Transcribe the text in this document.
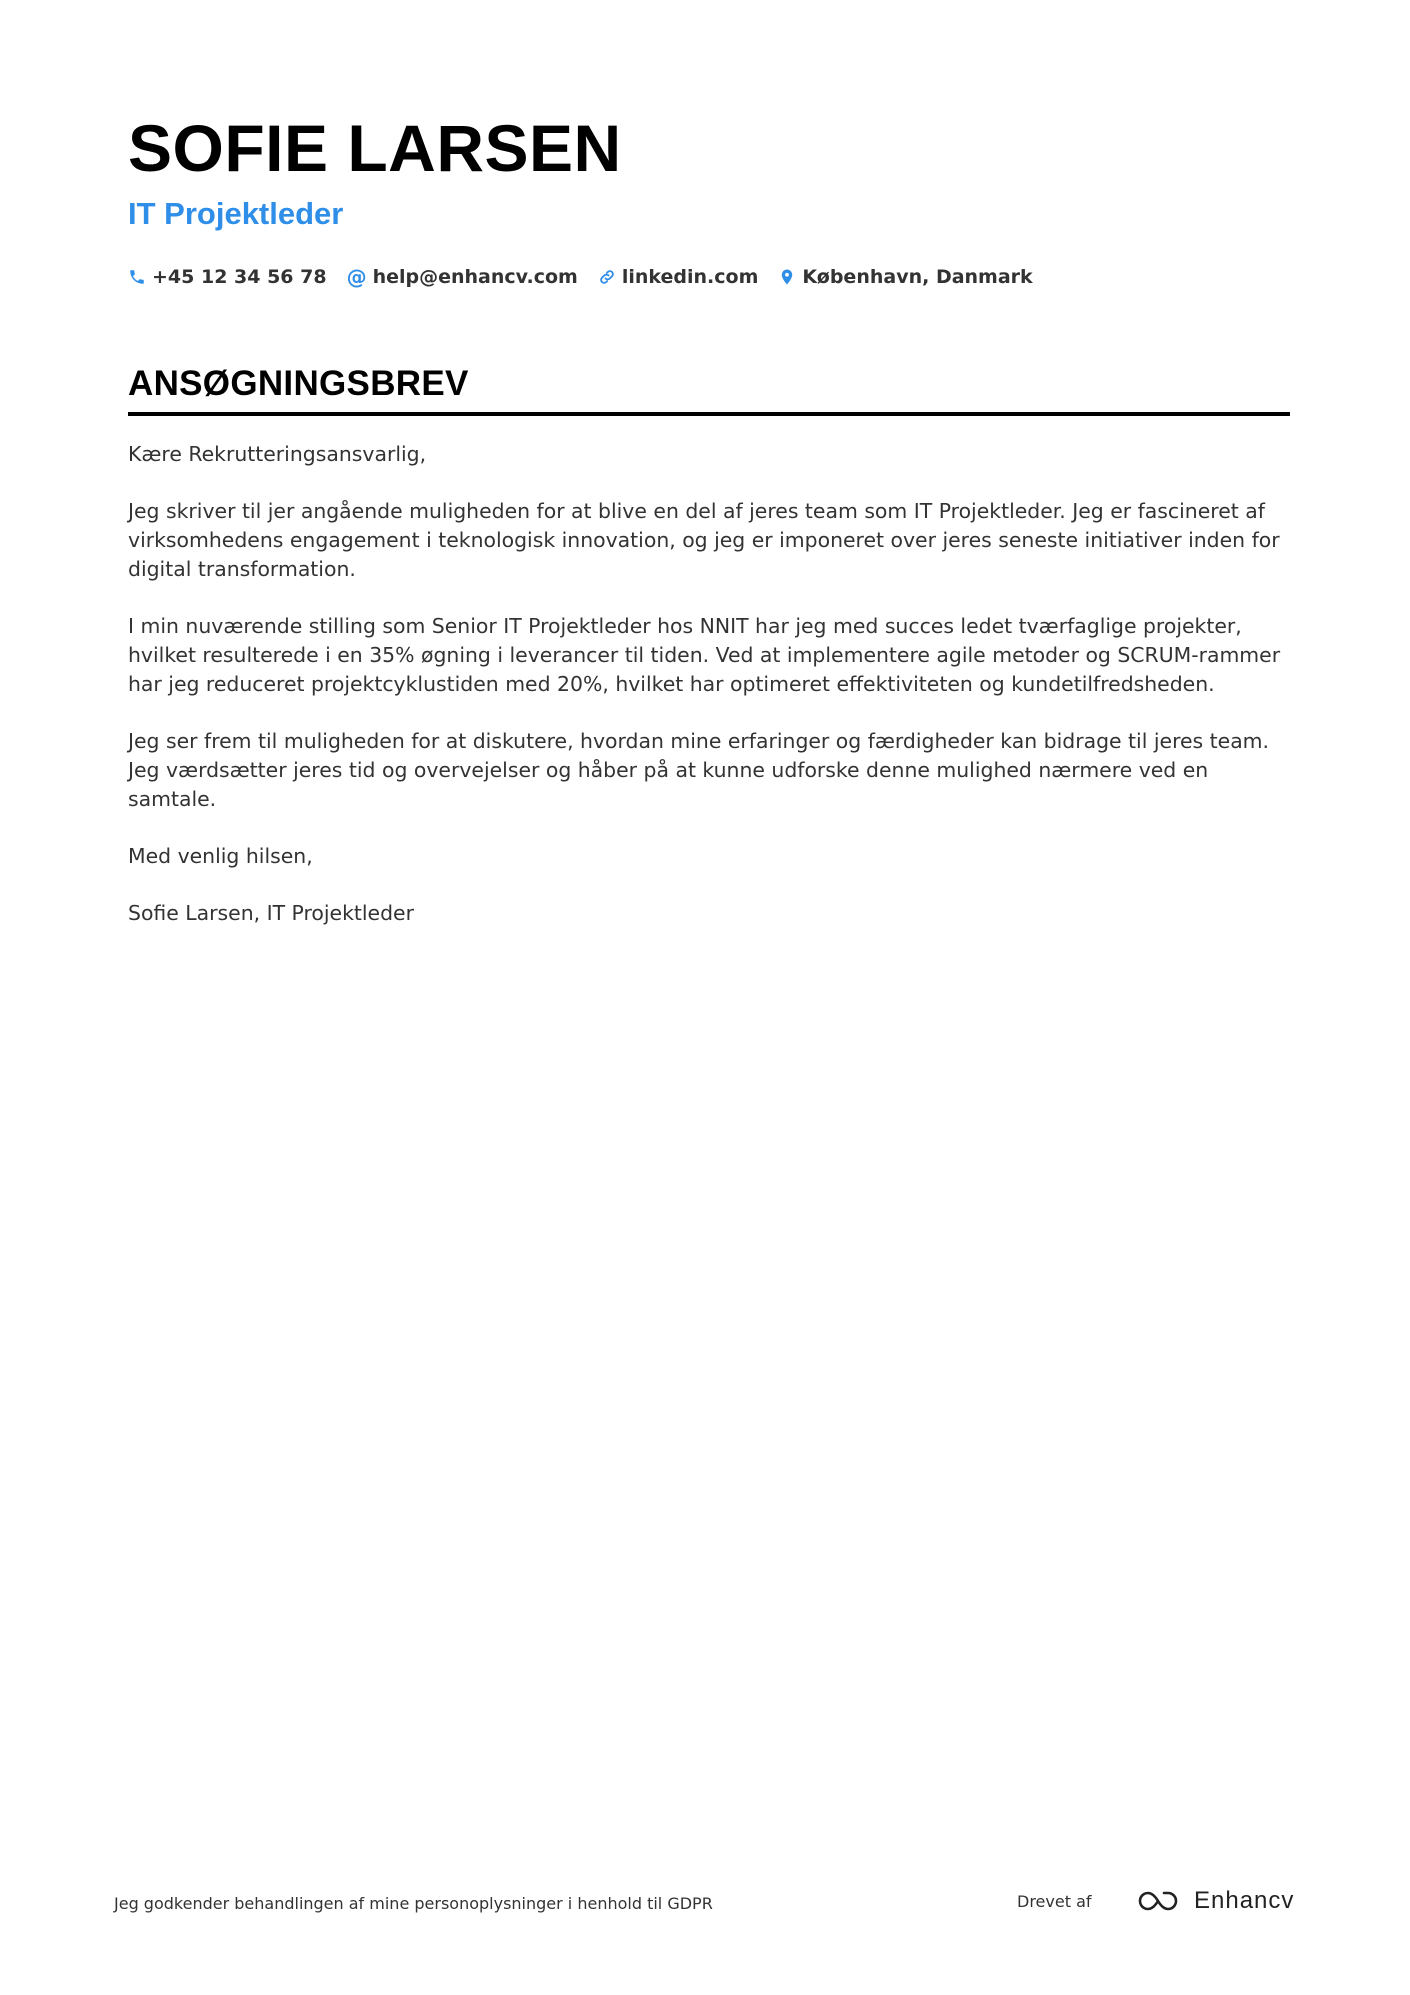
SOFIE LARSEN
IT Projektleder
+45 12 34 56 78 @ help@enhancv.com linkedin.com København, Danmark
ANSØGNINGSBREV

Kære Rekrutteringsansvarlig,

Jeg skriver til jer angående muligheden for at blive en del af jeres team som IT Projektleder. Jeg er fascineret af virksomhedens engagement i teknologisk innovation, og jeg er imponeret over jeres seneste initiativer inden for digital transformation.

I min nuværende stilling som Senior IT Projektleder hos NNIT har jeg med succes ledet tværfaglige projekter, hvilket resulterede i en 35% øgning i leverancer til tiden. Ved at implementere agile metoder og SCRUM-rammer har jeg reduceret projektcyklustiden med 20%, hvilket har optimeret effektiviteten og kundetilfredsheden.

Jeg ser frem til muligheden for at diskutere, hvordan mine erfaringer og færdigheder kan bidrage til jeres team. Jeg værdsætter jeres tid og overvejelser og håber på at kunne udforske denne mulighed nærmere ved en samtale.

Med venlig hilsen,

Sofie Larsen, IT Projektleder

Jeg godkender behandlingen af mine personoplysninger i henhold til GDPR	Drevet af	Enhancv
